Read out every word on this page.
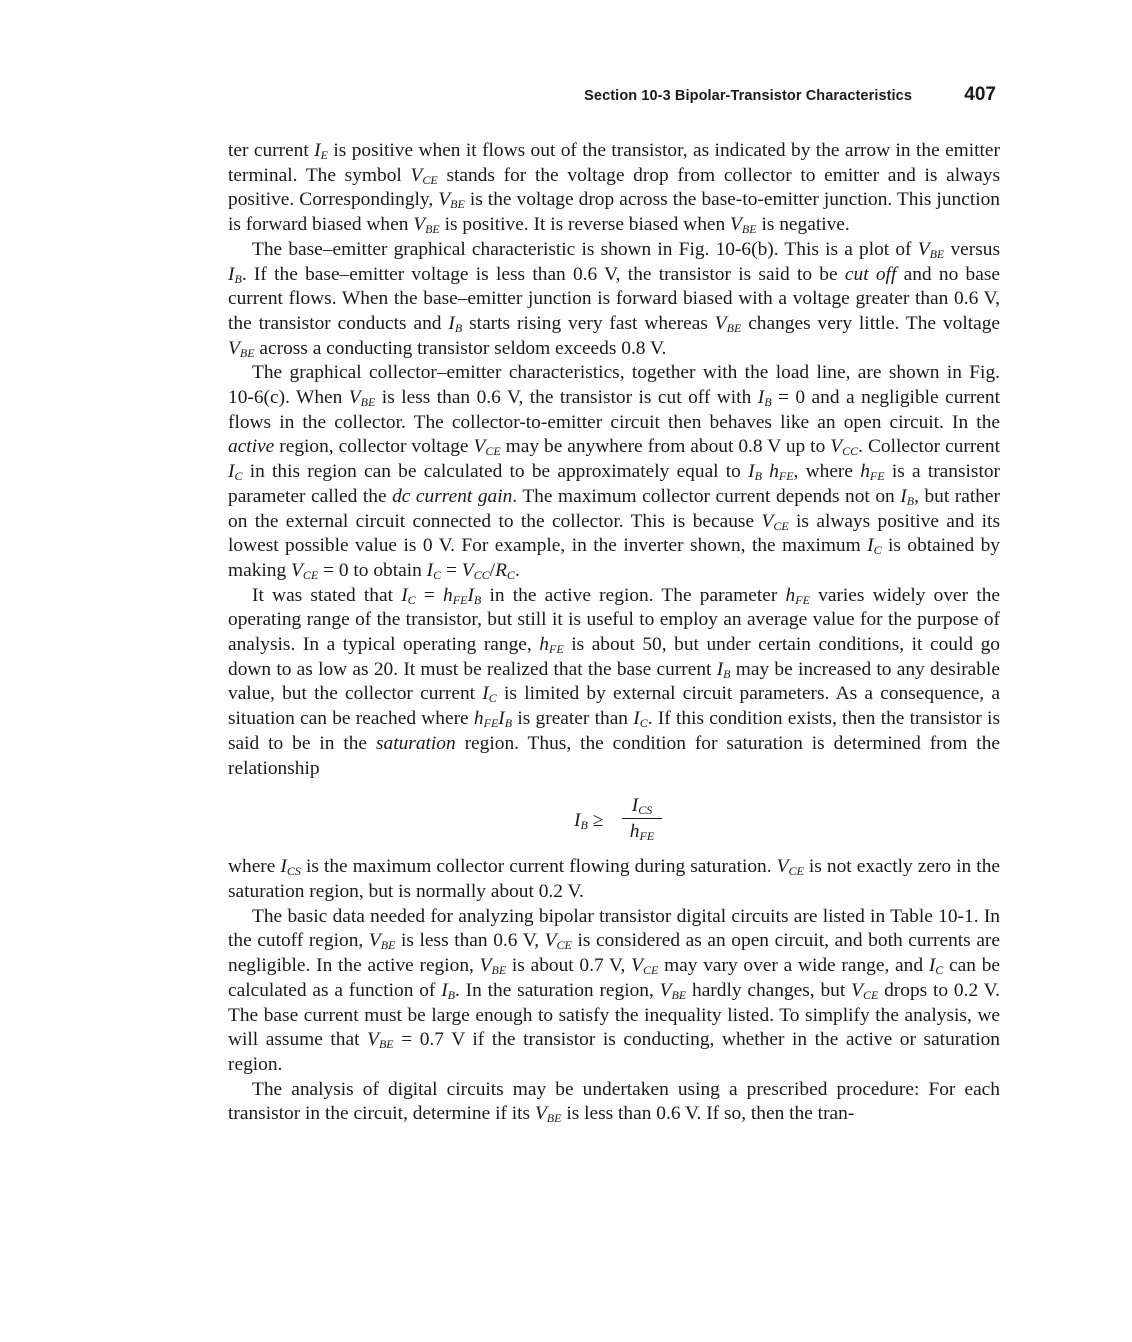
Section 10-3 Bipolar-Transistor Characteristics	407

ter current $I_E$ is positive when it flows out of the transistor, as indicated by the arrow in the emitter terminal. The symbol $V_{CE}$ stands for the voltage drop from collector to emitter and is always positive. Correspondingly, $V_{BE}$ is the voltage drop across the base-to-emitter junction. This junction is forward biased when $V_{BE}$ is positive. It is reverse biased when $V_{BE}$ is negative.

The base–emitter graphical characteristic is shown in Fig. 10-6(b). This is a plot of $V_{BE}$ versus $I_B$. If the base–emitter voltage is less than 0.6 V, the transistor is said to be cut off and no base current flows. When the base–emitter junction is forward biased with a voltage greater than 0.6 V, the transistor conducts and $I_B$ starts rising very fast whereas $V_{BE}$ changes very little. The voltage $V_{BE}$ across a conducting transistor seldom exceeds 0.8 V.

The graphical collector–emitter characteristics, together with the load line, are shown in Fig. 10-6(c). When $V_{BE}$ is less than 0.6 V, the transistor is cut off with $I_B = 0$ and a negligible current flows in the collector. The collector-to-emitter circuit then behaves like an open circuit. In the active region, collector voltage $V_{CE}$ may be anywhere from about 0.8 V up to $V_{CC}$. Collector current $I_C$ in this region can be calculated to be approximately equal to $I_B$ $h_{FE}$, where $h_{FE}$ is a transistor parameter called the dc current gain. The maximum collector current depends not on $I_B$, but rather on the external circuit connected to the collector. This is because $V_{CE}$ is always positive and its lowest possible value is 0 V. For example, in the inverter shown, the maximum $I_C$ is obtained by making $V_{CE} = 0$ to obtain $I_C = V_{CC}/R_C$.

It was stated that $I_C = h_{FE}I_B$ in the active region. The parameter $h_{FE}$ varies widely over the operating range of the transistor, but still it is useful to employ an average value for the purpose of analysis. In a typical operating range, $h_{FE}$ is about 50, but under certain conditions, it could go down to as low as 20. It must be realized that the base current $I_B$ may be increased to any desirable value, but the collector current $I_C$ is limited by external circuit parameters. As a consequence, a situation can be reached where $h_{FE}I_B$ is greater than $I_C$. If this condition exists, then the transistor is said to be in the saturation region. Thus, the condition for saturation is determined from the relationship

$I_B$ ≥
$I_{CS}$
$h_{FE}$

where $I_{CS}$ is the maximum collector current flowing during saturation. $V_{CE}$ is not exactly zero in the saturation region, but is normally about 0.2 V.

The basic data needed for analyzing bipolar transistor digital circuits are listed in Table 10-1. In the cutoff region, $V_{BE}$ is less than 0.6 V, $V_{CE}$ is considered as an open circuit, and both currents are negligible. In the active region, $V_{BE}$ is about 0.7 V, $V_{CE}$ may vary over a wide range, and $I_C$ can be calculated as a function of $I_B$. In the saturation region, $V_{BE}$ hardly changes, but $V_{CE}$ drops to 0.2 V. The base current must be large enough to satisfy the inequality listed. To simplify the analysis, we will assume that $V_{BE} = 0.7$ V if the transistor is conducting, whether in the active or saturation region.

The analysis of digital circuits may be undertaken using a prescribed procedure: For each transistor in the circuit, determine if its $V_{BE}$ is less than 0.6 V. If so, then the tran-
